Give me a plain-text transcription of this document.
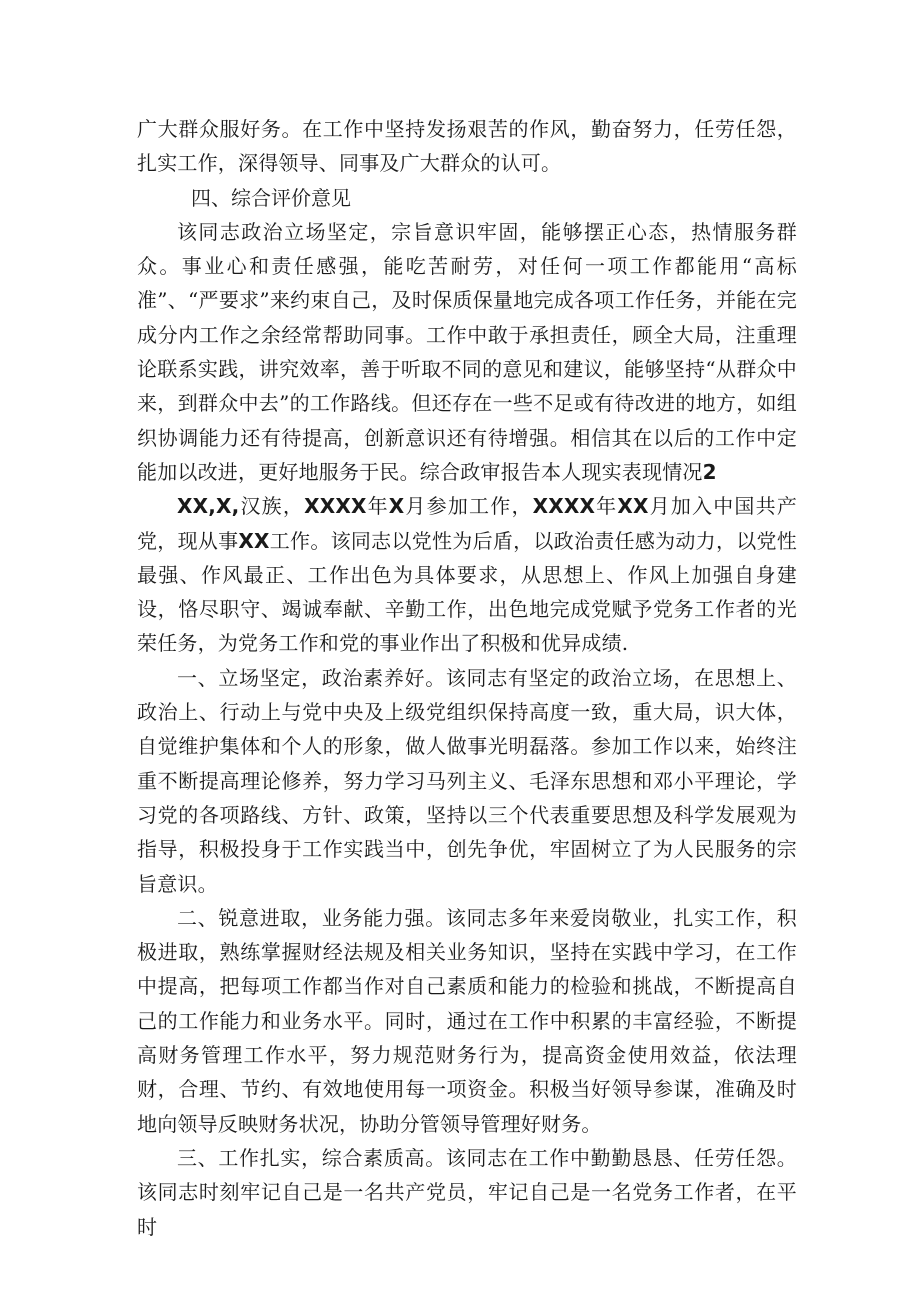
广大群众服好务。在工作中坚持发扬艰苦的作风，勤奋努力，任劳任怨，扎实工作，深得领导、同事及广大群众的认可。

四、综合评价意见

该同志政治立场坚定，宗旨意识牢固，能够摆正心态，热情服务群众。事业心和责任感强，能吃苦耐劳，对任何一项工作都能用“高标准”、“严要求”来约束自己，及时保质保量地完成各项工作任务，并能在完成分内工作之余经常帮助同事。工作中敢于承担责任，顾全大局，注重理论联系实践，讲究效率，善于听取不同的意见和建议，能够坚持“从群众中来，到群众中去”的工作路线。但还存在一些不足或有待改进的地方，如组织协调能力还有待提高，创新意识还有待增强。相信其在以后的工作中定能加以改进，更好地服务于民。综合政审报告本人现实表现情况2

XX,X,汉族，XXXX年X月参加工作，XXXX年XX月加入中国共产党，现从事XX工作。该同志以党性为后盾，以政治责任感为动力，以党性最强、作风最正、工作出色为具体要求，从思想上、作风上加强自身建设，恪尽职守、竭诚奉献、辛勤工作，出色地完成党赋予党务工作者的光荣任务，为党务工作和党的事业作出了积极和优异成绩.

一、立场坚定，政治素养好。该同志有坚定的政治立场，在思想上、政治上、行动上与党中央及上级党组织保持高度一致，重大局，识大体，自觉维护集体和个人的形象，做人做事光明磊落。参加工作以来，始终注重不断提高理论修养，努力学习马列主义、毛泽东思想和邓小平理论，学习党的各项路线、方针、政策，坚持以三个代表重要思想及科学发展观为指导，积极投身于工作实践当中，创先争优，牢固树立了为人民服务的宗旨意识。

二、锐意进取，业务能力强。该同志多年来爱岗敬业，扎实工作，积极进取，熟练掌握财经法规及相关业务知识，坚持在实践中学习，在工作中提高，把每项工作都当作对自己素质和能力的检验和挑战，不断提高自己的工作能力和业务水平。同时，通过在工作中积累的丰富经验，不断提高财务管理工作水平，努力规范财务行为，提高资金使用效益，依法理财，合理、节约、有效地使用每一项资金。积极当好领导参谋，准确及时地向领导反映财务状况，协助分管领导管理好财务。

三、工作扎实，综合素质高。该同志在工作中勤勤恳恳、任劳任怨。该同志时刻牢记自己是一名共产党员，牢记自己是一名党务工作者，在平时
